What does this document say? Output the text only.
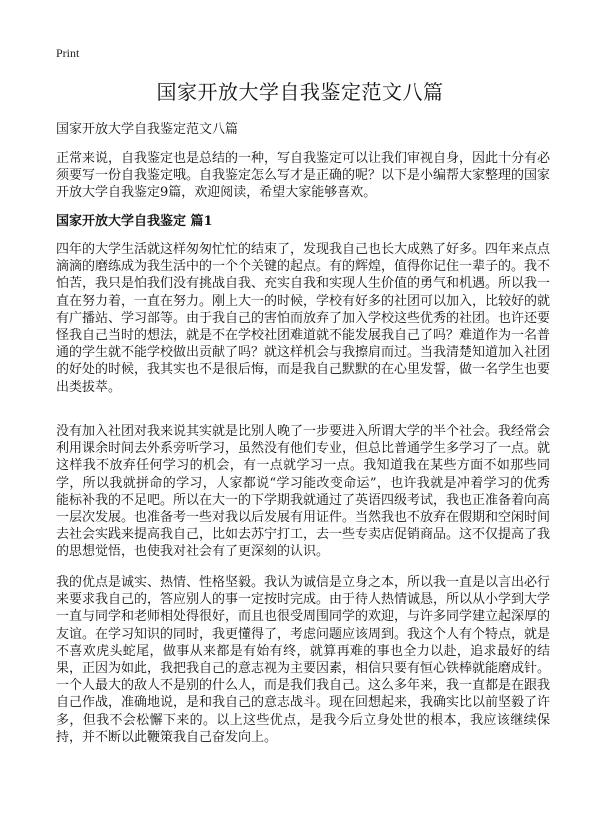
Print

国家开放大学自我鉴定范文八篇

国家开放大学自我鉴定范文八篇

正常来说，自我鉴定也是总结的一种，写自我鉴定可以让我们审视自身，因此十分有必须要写一份自我鉴定哦。自我鉴定怎么写才是正确的呢？以下是小编帮大家整理的国家开放大学自我鉴定9篇，欢迎阅读，希望大家能够喜欢。

国家开放大学自我鉴定 篇1

四年的大学生活就这样匆匆忙忙的结束了，发现我自己也长大成熟了好多。四年来点点滴滴的磨练成为我生活中的一个个关键的起点。有的辉煌，值得你记住一辈子的。我不怕苦，我只是怕我们没有挑战自我、充实自我和实现人生价值的勇气和机遇。所以我一直在努力着，一直在努力。刚上大一的时候，学校有好多的社团可以加入，比较好的就有广播站、学习部等。由于我自己的害怕而放弃了加入学校这些优秀的社团。也许还要怪我自己当时的想法，就是不在学校社团难道就不能发展我自己了吗？难道作为一名普通的学生就不能学校做出贡献了吗？就这样机会与我擦肩而过。当我清楚知道加入社团的好处的时候，我其实也不是很后悔，而是我自己默默的在心里发誓，做一名学生也要出类拔萃。

没有加入社团对我来说其实就是比别人晚了一步要进入所谓大学的半个社会。我经常会利用课余时间去外系旁听学习，虽然没有他们专业，但总比普通学生多学习了一点。就这样我不放弃任何学习的机会，有一点就学习一点。我知道我在某些方面不如那些同学，所以我就拼命的学习，人家都说“学习能改变命运”，也许我就是冲着学习的优秀能标补我的不足吧。所以在大一的下学期我就通过了英语四级考试，我也正准备着向高一层次发展。也准备考一些对我以后发展有用证件。当然我也不放弃在假期和空闲时间去社会实践来提高我自己，比如去苏宁打工，去一些专卖店促销商品。这不仅提高了我的思想觉悟，也使我对社会有了更深刻的认识。

我的优点是诚实、热情、性格坚毅。我认为诚信是立身之本，所以我一直是以言出必行来要求我自己的，答应别人的事一定按时完成。由于待人热情诚恳，所以从小学到大学一直与同学和老师相处得很好，而且也很受周围同学的欢迎，与许多同学建立起深厚的友谊。在学习知识的同时，我更懂得了，考虑问题应该周到。我这个人有个特点，就是不喜欢虎头蛇尾，做事从来都是有始有终，就算再难的事也全力以赴，追求最好的结果，正因为如此，我把我自己的意志视为主要因素，相信只要有恒心铁棒就能磨成针。一个人最大的敌人不是别的什么人，而是我们我自己。这么多年来，我一直都是在跟我自己作战，准确地说，是和我自己的意志战斗。现在回想起来，我确实比以前坚毅了许多，但我不会松懈下来的。以上这些优点，是我今后立身处世的根本，我应该继续保持，并不断以此鞭策我自己奋发向上。
